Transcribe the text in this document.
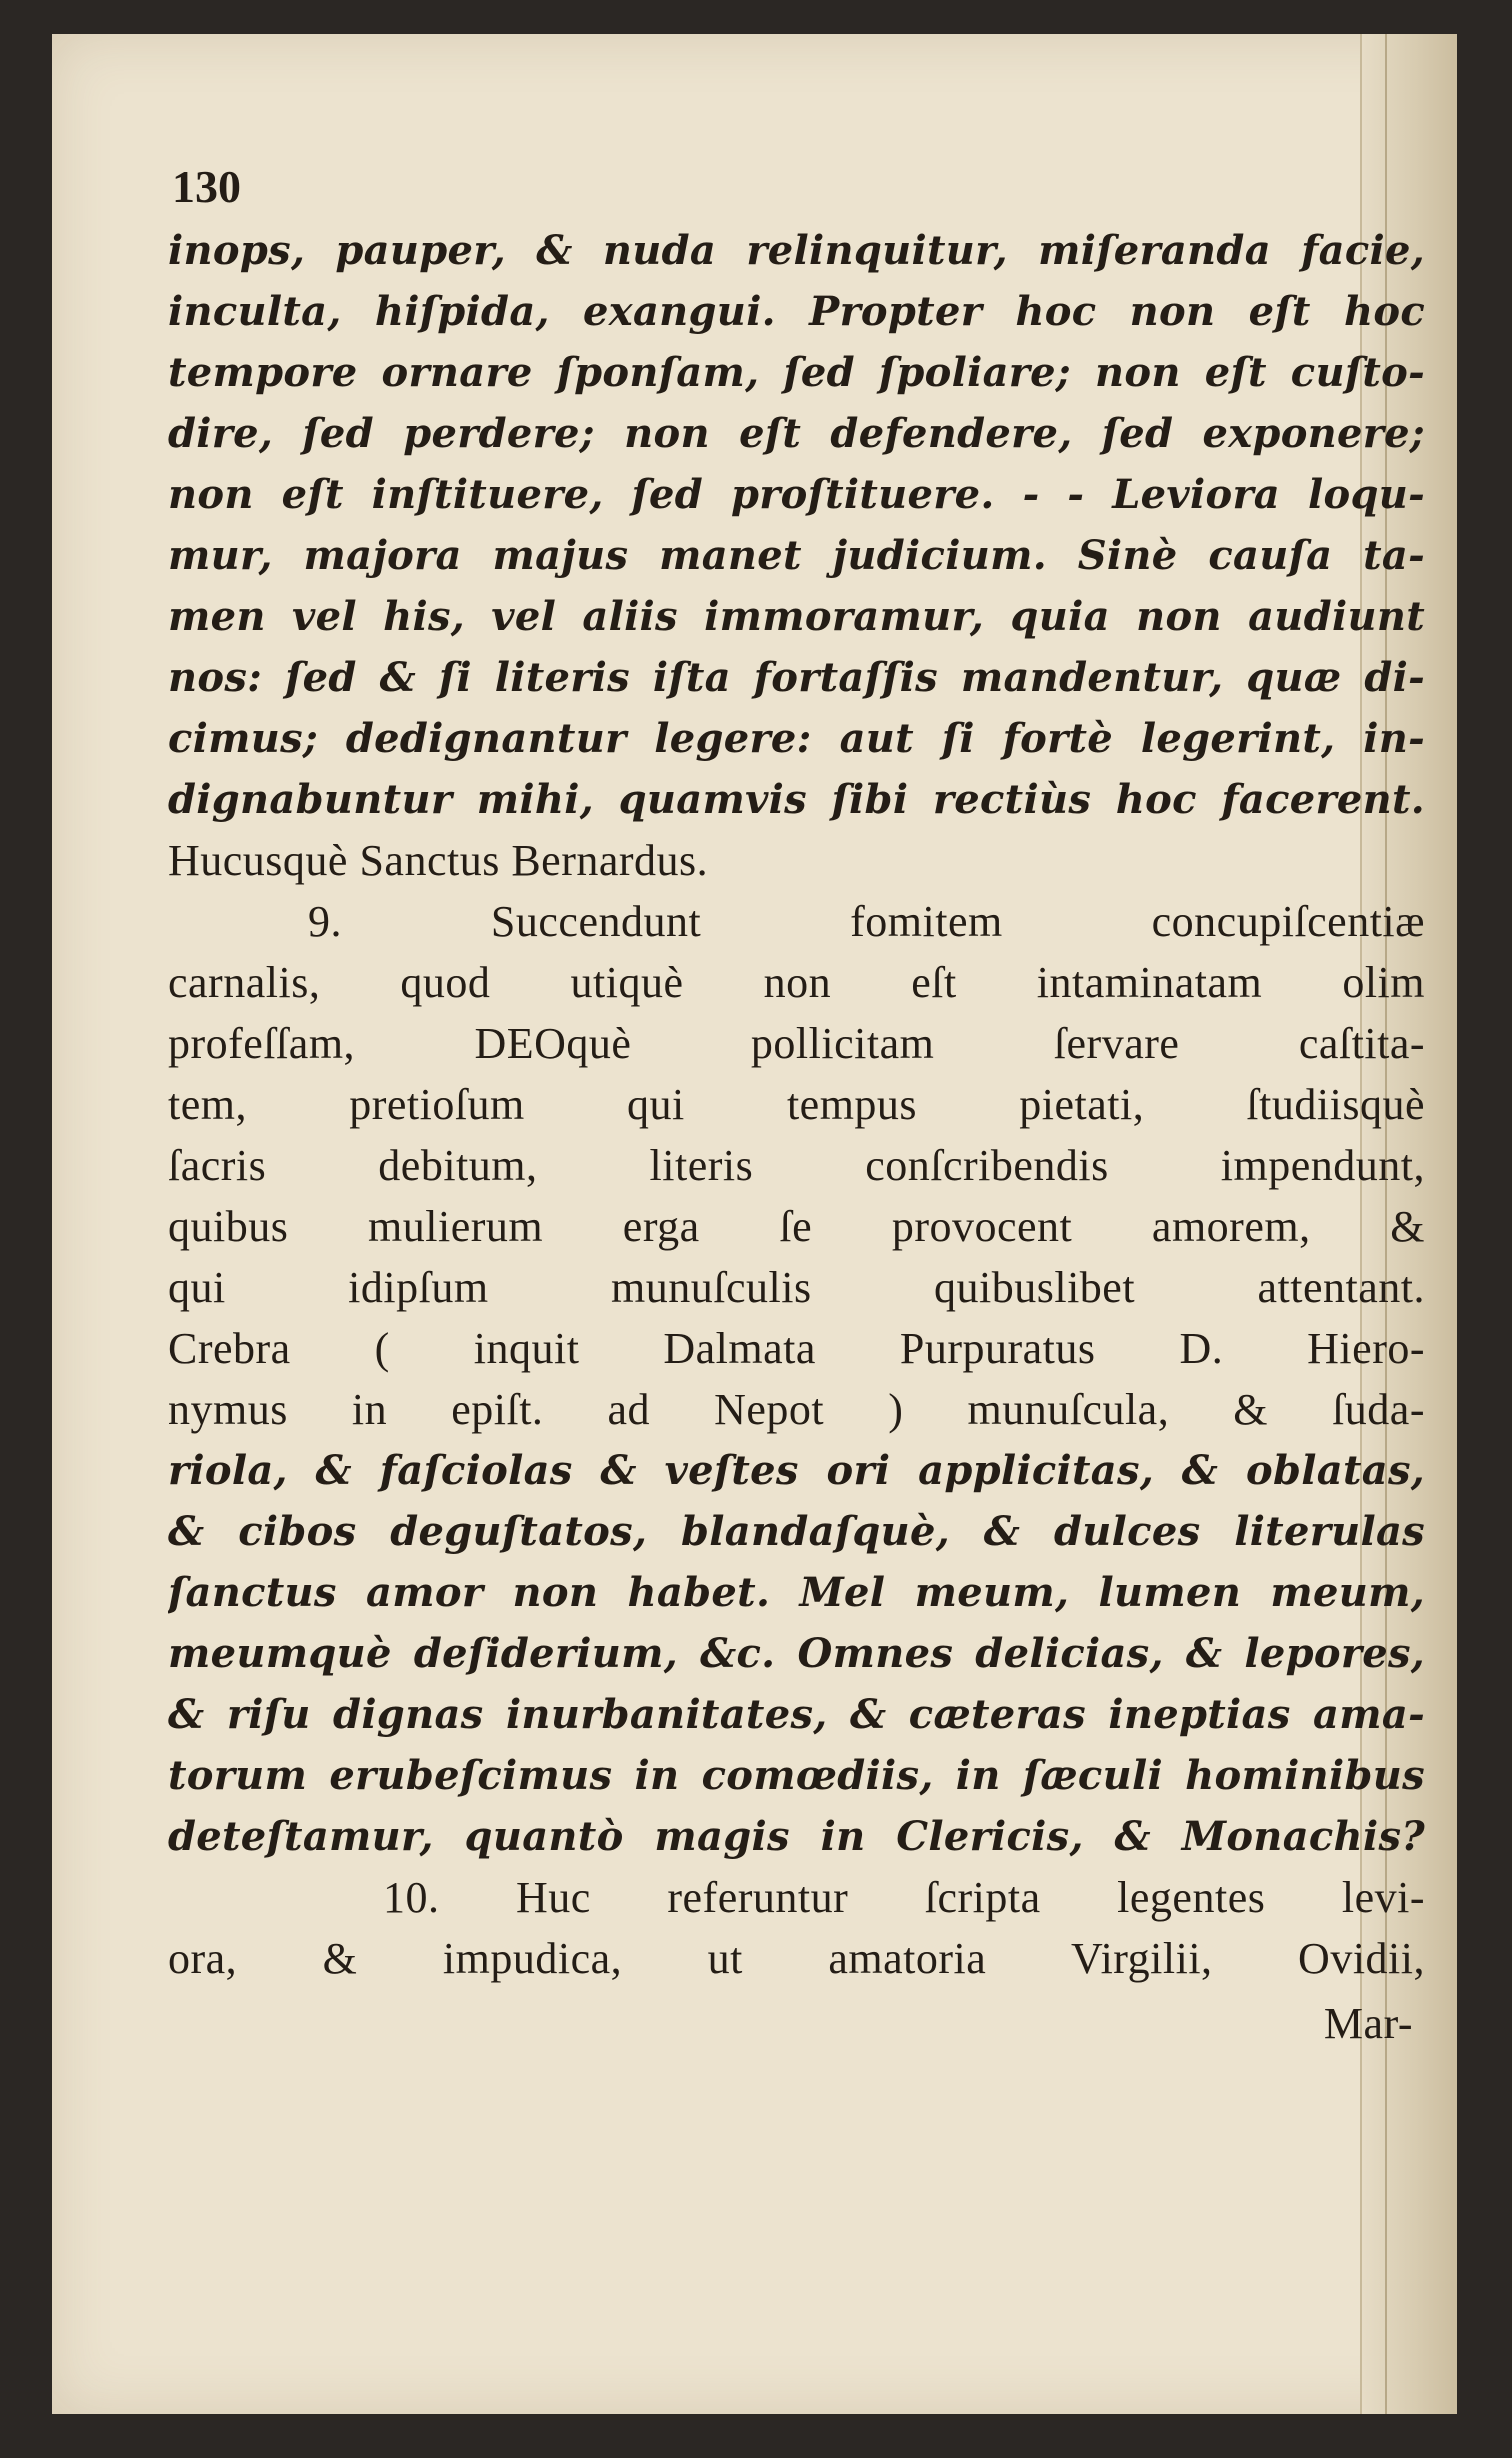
130
inops, pauper, & nuda relinquitur, miſeranda facie,
inculta, hiſpida, exangui. Propter hoc non eſt hoc
tempore ornare ſponſam, ſed ſpoliare; non eſt cuſto-
dire, ſed perdere; non eſt defendere, ſed exponere;
non eſt inſtituere, ſed proſtituere. - - Leviora loqu-
mur, majora majus manet judicium. Sinè cauſa ta-
men vel his, vel aliis immoramur, quia non audiunt
nos: ſed & ſi literis iſta fortaſſis mandentur, quæ di-
cimus; dedignantur legere: aut ſi fortè legerint, in-
dignabuntur mihi, quamvis ſibi rectiùs hoc facerent.
Hucusquè Sanctus Bernardus.
9. Succendunt fomitem concupiſcentiæ
carnalis, quod utiquè non eſt intaminatam olim
profeſſam, DEOquè pollicitam ſervare caſtita-
tem, pretioſum qui tempus pietati, ſtudiisquè
ſacris debitum, literis conſcribendis impendunt,
quibus mulierum erga ſe provocent amorem, &
qui idipſum munuſculis quibuslibet attentant.
Crebra ( inquit Dalmata Purpuratus D. Hiero-
nymus in epiſt. ad Nepot ) munuſcula, & ſuda-
riola, & faſciolas & veſtes ori applicitas, & oblatas,
& cibos deguſtatos, blandaſquè, & dulces literulas
ſanctus amor non habet. Mel meum, lumen meum,
meumquè deſiderium, &c. Omnes delicias, & lepores,
& riſu dignas inurbanitates, & cæteras ineptias ama-
torum erubeſcimus in comœdiis, in ſæculi hominibus
deteſtamur, quantò magis in Clericis, & Monachis?
10. Huc referuntur ſcripta legentes levi-
ora, & impudica, ut amatoria Virgilii, Ovidii,
Mar-
